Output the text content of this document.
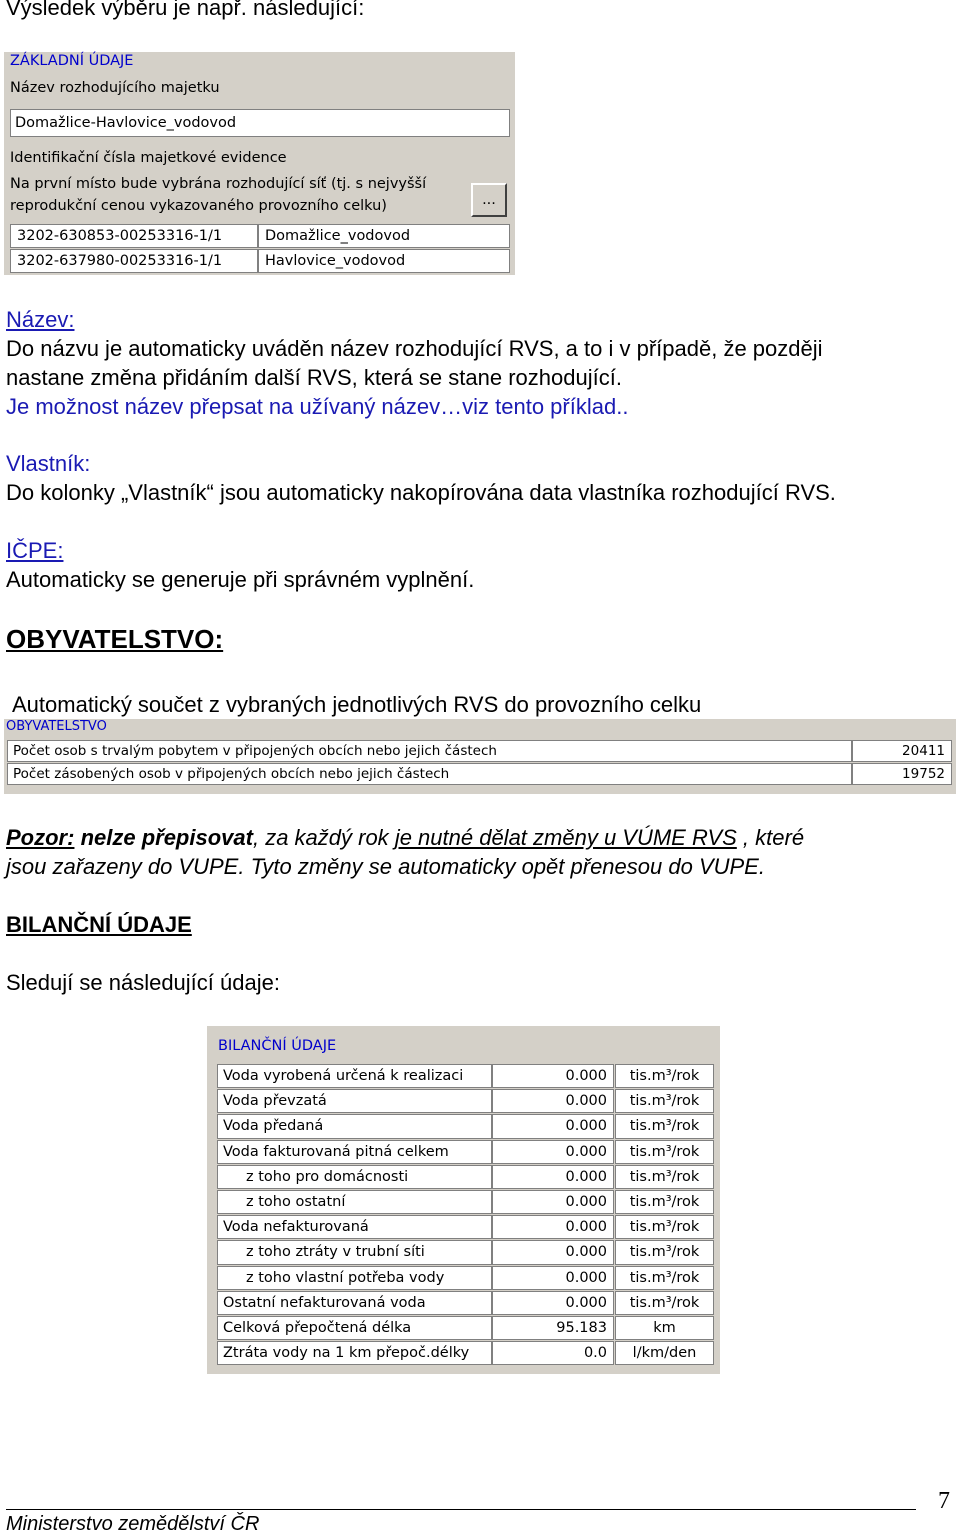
Výsledek výběru je např. následující:
ZÁKLADNÍ ÚDAJE
Název rozhodujícího majetku
Domažlice-Havlovice_vodovod
Identifikační čísla majetkové evidence
Na první místo bude vybrána rozhodující síť (tj. s nejvyšší
reprodukční cenou vykazovaného provozního celku)	...
3202-630853-00253316-1/1	Domažlice_vodovod
3202-637980-00253316-1/1	Havlovice_vodovod
Název:
Do názvu je automaticky uváděn název rozhodující RVS, a to i v případě, že později
nastane změna přidáním další RVS, která se stane rozhodující.
Je možnost název přepsat na užívaný název…viz tento příklad..
Vlastník:
Do kolonky „Vlastník“ jsou automaticky nakopírována data vlastníka rozhodující RVS.
IČPE:
Automaticky se generuje při správném vyplnění.
OBYVATELSTVO:
Automatický součet z vybraných jednotlivých RVS do provozního celku
OBYVATELSTVO
Počet osob s trvalým pobytem v připojených obcích nebo jejich částech	20411
Počet zásobených osob v připojených obcích nebo jejich částech	19752
Pozor: nelze přepisovat, za každý rok je nutné dělat změny u VÚME RVS , které
jsou zařazeny do VUPE. Tyto změny se automaticky opět přenesou do VUPE.
BILANČNÍ ÚDAJE
Sledují se následující údaje:
BILANČNÍ ÚDAJE
Voda vyrobená určená k realizaci	0.000 tis.m³/rok
Voda převzatá	0.000 tis.m³/rok
Voda předaná	0.000 tis.m³/rok
Voda fakturovaná pitná celkem	0.000 tis.m³/rok
z toho pro domácnosti	0.000 tis.m³/rok
z toho ostatní	0.000 tis.m³/rok
Voda nefakturovaná	0.000 tis.m³/rok
z toho ztráty v trubní síti	0.000 tis.m³/rok
z toho vlastní potřeba vody	0.000 tis.m³/rok
Ostatní nefakturovaná voda	0.000 tis.m³/rok
Celková přepočtená délka	95.183	km
Ztráta vody na 1 km přepoč.délky	0.0 l/km/den
Ministerstvo zemědělství ČR
7
